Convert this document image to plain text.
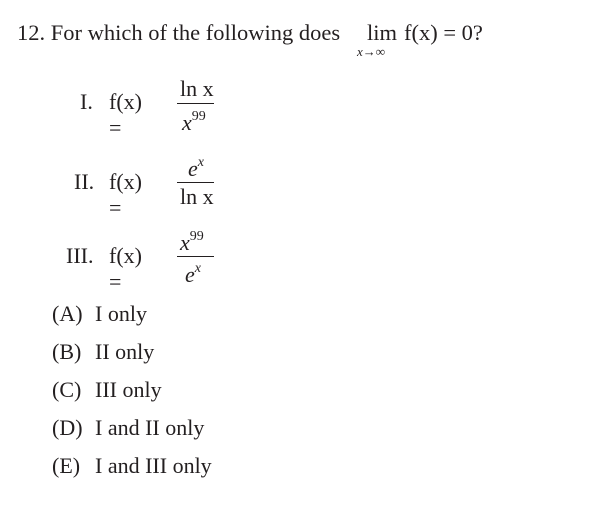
12. For which of the following does lim
x→∞
f(x) = 0?
I. f(x) =
ln x
$x^{99}$
II. f(x) =
$e^x$
ln x
III. f(x) =
$x^{99}$
$e^x$
(A) I only
(B) II only
(C) III only
(D) I and II only
(E) I and III only
